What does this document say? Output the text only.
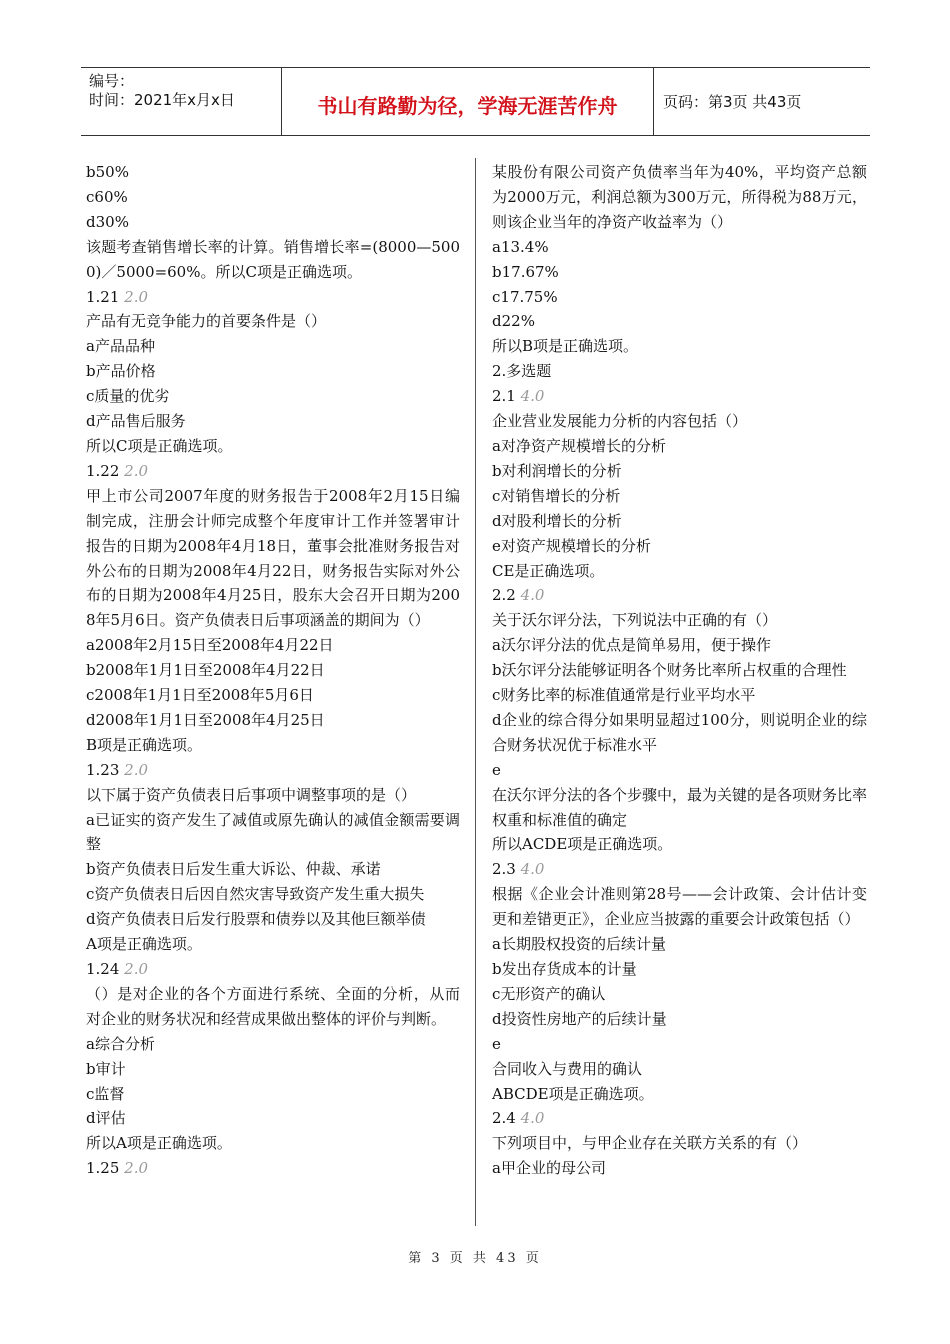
编号：
时间：2021年x月x日	书山有路勤为径，学海无涯苦作舟	页码：第3页 共43页

b50%

c60%

d30%

该题考查销售增长率的计算。销售增长率=(8000—5000)／5000=60%。所以C项是正确选项。

1.21 2.0

产品有无竞争能力的首要条件是（）

a产品品种

b产品价格

c质量的优劣

d产品售后服务

所以C项是正确选项。

1.22 2.0

甲上市公司2007年度的财务报告于2008年2月15日编制完成，注册会计师完成整个年度审计工作并签署审计报告的日期为2008年4月18日，董事会批准财务报告对外公布的日期为2008年4月22日，财务报告实际对外公布的日期为2008年4月25日，股东大会召开日期为2008年5月6日。资产负债表日后事项涵盖的期间为（）

a2008年2月15日至2008年4月22日

b2008年1月1日至2008年4月22日

c2008年1月1日至2008年5月6日

d2008年1月1日至2008年4月25日

B项是正确选项。

1.23 2.0

以下属于资产负债表日后事项中调整事项的是（）

a已证实的资产发生了减值或原先确认的减值金额需要调整

b资产负债表日后发生重大诉讼、仲裁、承诺

c资产负债表日后因自然灾害导致资产发生重大损失

d资产负债表日后发行股票和债券以及其他巨额举债

A项是正确选项。

1.24 2.0

（）是对企业的各个方面进行系统、全面的分析，从而对企业的财务状况和经营成果做出整体的评价与判断。

a综合分析

b审计

c监督

d评估

所以A项是正确选项。

1.25 2.0

某股份有限公司资产负债率当年为40%，平均资产总额为2000万元，利润总额为300万元，所得税为88万元，则该企业当年的净资产收益率为（）

a13.4%

b17.67%

c17.75%

d22%

所以B项是正确选项。

2.多选题

2.1 4.0

企业营业发展能力分析的内容包括（）

a对净资产规模增长的分析

b对利润增长的分析

c对销售增长的分析

d对股利增长的分析

e对资产规模增长的分析

CE是正确选项。

2.2 4.0

关于沃尔评分法，下列说法中正确的有（）

a沃尔评分法的优点是简单易用，便于操作

b沃尔评分法能够证明各个财务比率所占权重的合理性

c财务比率的标准值通常是行业平均水平

d企业的综合得分如果明显超过100分，则说明企业的综合财务状况优于标准水平

e

在沃尔评分法的各个步骤中，最为关键的是各项财务比率权重和标准值的确定

所以ACDE项是正确选项。

2.3 4.0

根据《企业会计准则第28号——会计政策、会计估计变更和差错更正》，企业应当披露的重要会计政策包括（）

a长期股权投资的后续计量

b发出存货成本的计量

c无形资产的确认

d投资性房地产的后续计量

e

合同收入与费用的确认

ABCDE项是正确选项。

2.4 4.0

下列项目中，与甲企业存在关联方关系的有（）

a甲企业的母公司

第 3 页 共 43 页
